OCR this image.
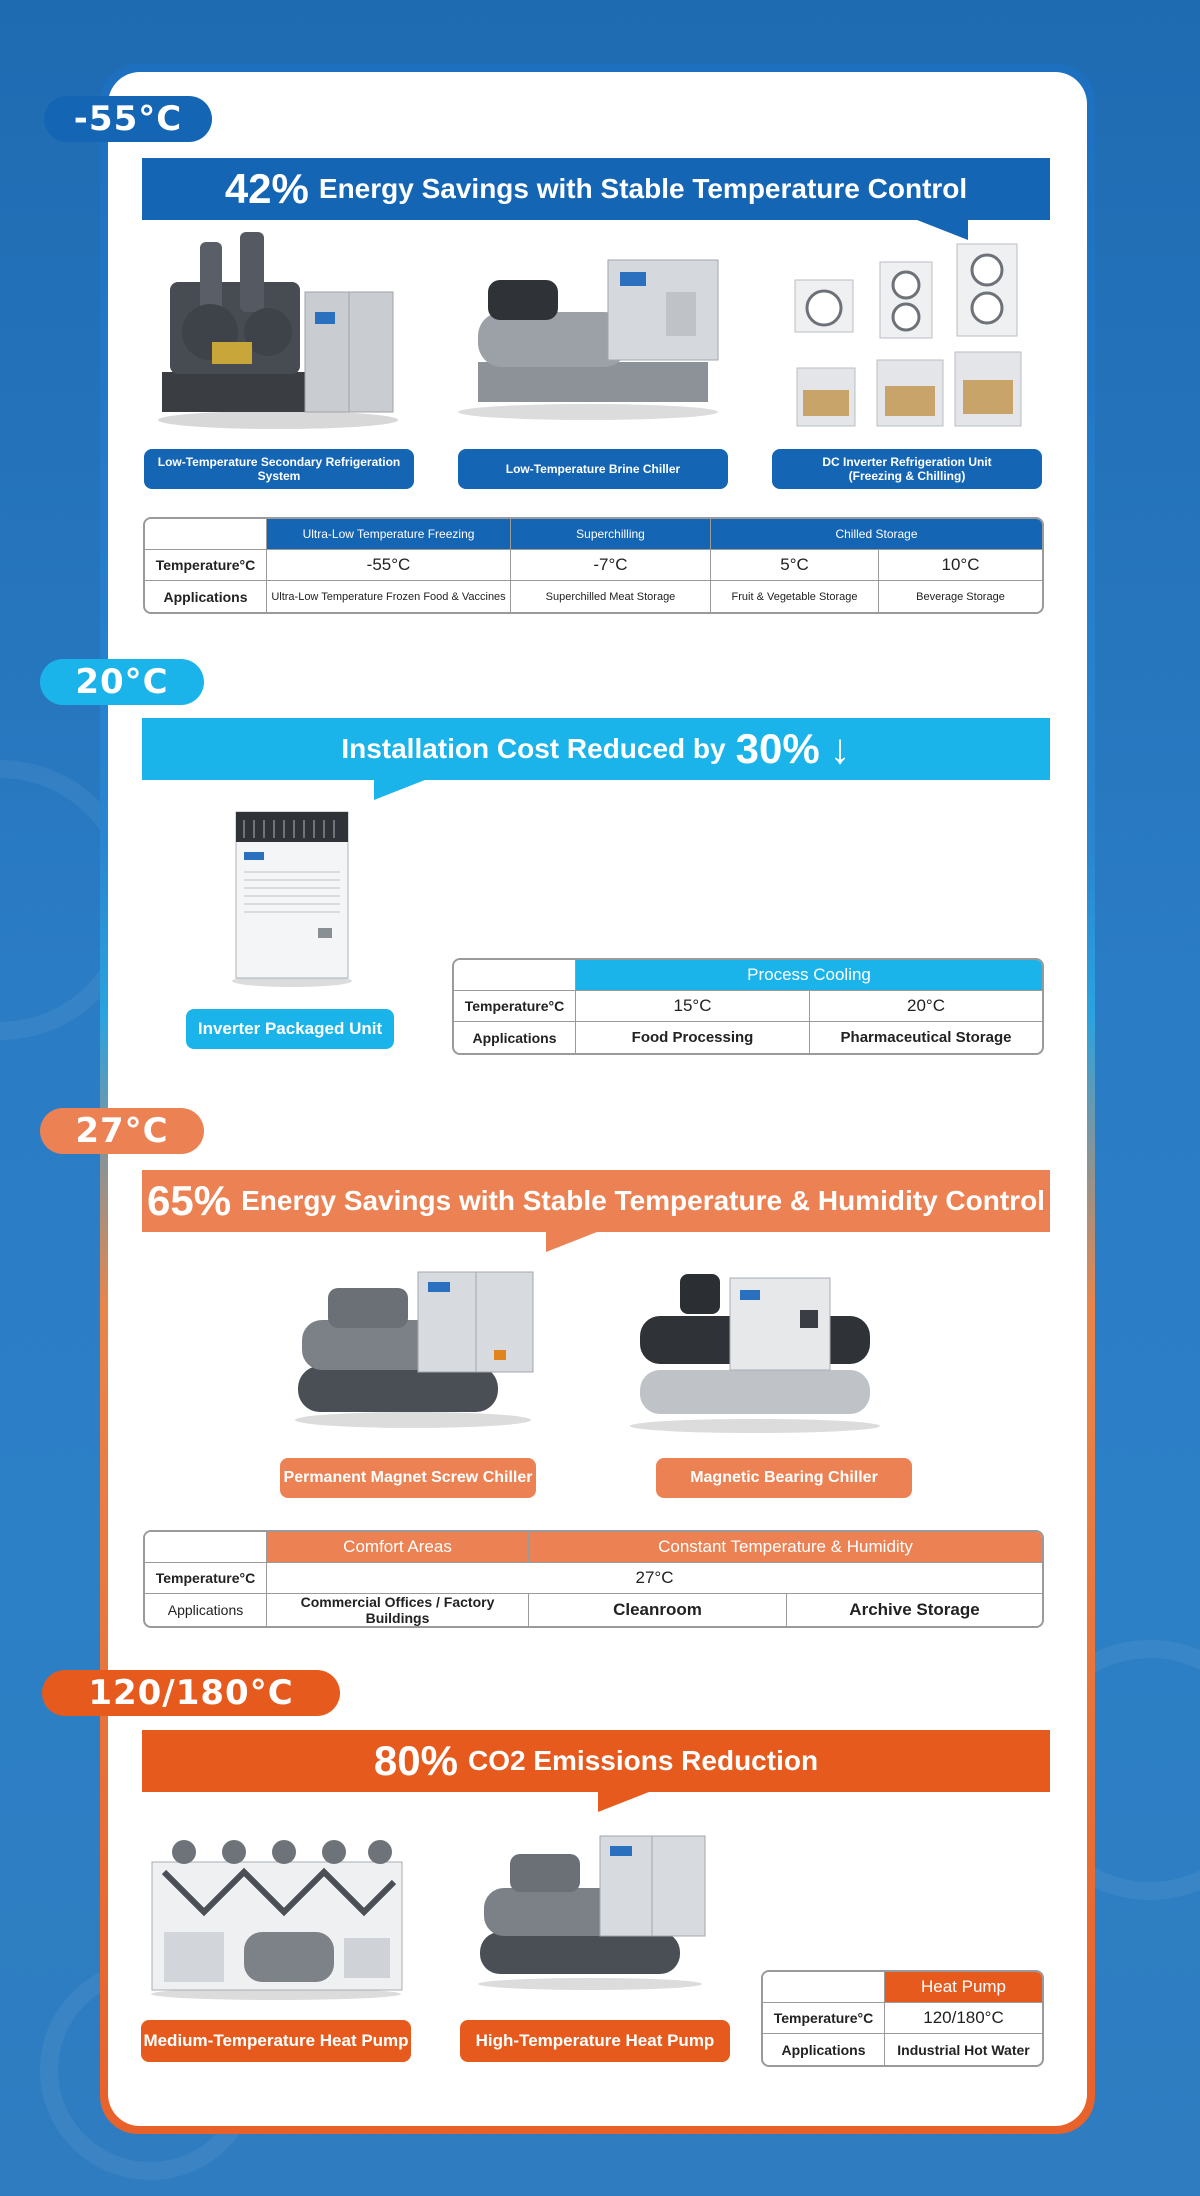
-55°C
42% Energy Savings with Stable Temperature Control
Low-Temperature Secondary Refrigeration System
Low-Temperature Brine Chiller
DC Inverter Refrigeration Unit
(Freezing & Chilling)
	Ultra-Low Temperature Freezing	Superchilling	Chilled Storage	
Temperature°C	-55°C	-7°C	5°C	10°C
Applications	Ultra-Low Temperature Frozen Food & Vaccines	Superchilled Meat Storage	Fruit & Vegetable Storage	Beverage Storage
20°C
Installation Cost Reduced by 30% ↓
Inverter Packaged Unit
	Process Cooling	
Temperature°C	15°C	20°C
Applications	Food Processing	Pharmaceutical Storage
27°C
65% Energy Savings with Stable Temperature & Humidity Control
Permanent Magnet Screw Chiller	Magnetic Bearing Chiller
	Comfort Areas	Constant Temperature & Humidity	
Temperature°C	27°C		
Applications	Commercial Offices / Factory Buildings	Cleanroom	Archive Storage
120/180°C
80% CO2 Emissions Reduction
Medium-Temperature Heat Pump	High-Temperature Heat Pump
	Heat Pump
Temperature°C	120/180°C
Applications	Industrial Hot Water
